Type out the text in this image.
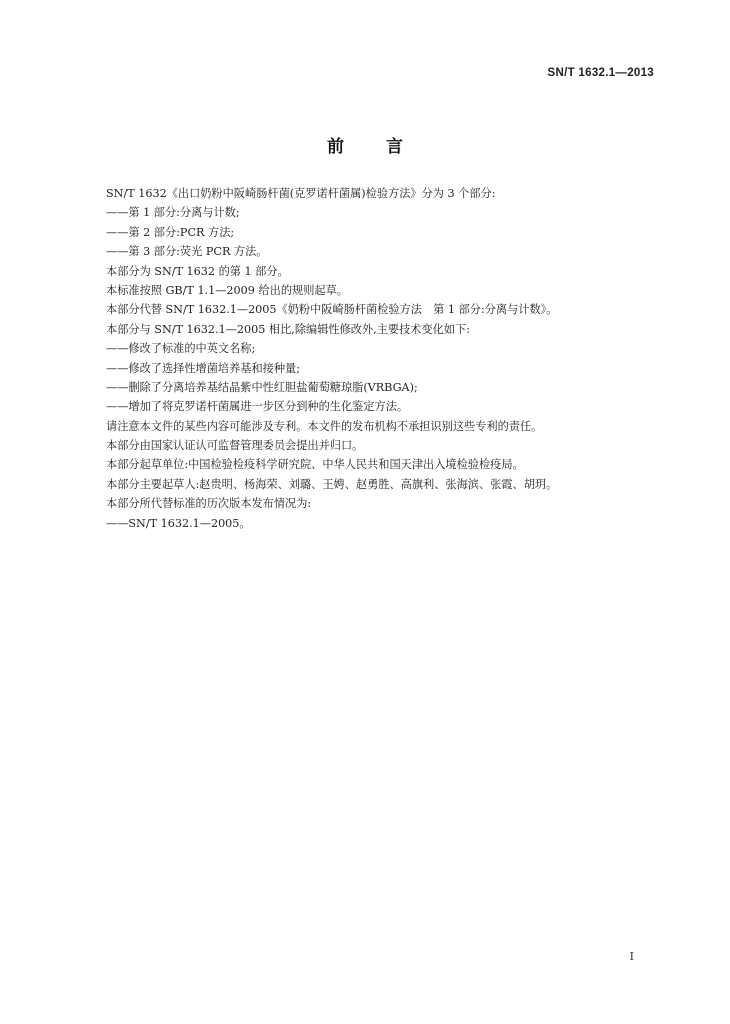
SN/T 1632.1—2013
前 言
SN/T 1632《出口奶粉中阪崎肠杆菌(克罗诺杆菌属)检验方法》分为 3 个部分:
——第 1 部分:分离与计数;
——第 2 部分:PCR 方法;
——第 3 部分:荧光 PCR 方法。
本部分为 SN/T 1632 的第 1 部分。
本标准按照 GB/T 1.1—2009 给出的规则起草。
本部分代替 SN/T 1632.1—2005《奶粉中阪崎肠杆菌检验方法　第 1 部分:分离与计数》。
本部分与 SN/T 1632.1—2005 相比,除编辑性修改外,主要技术变化如下:
——修改了标准的中英文名称;
——修改了选择性增菌培养基和接种量;
——删除了分离培养基结晶紫中性红胆盐葡萄糖琼脂(VRBGA);
——增加了将克罗诺杆菌属进一步区分到种的生化鉴定方法。
请注意本文件的某些内容可能涉及专利。本文件的发布机构不承担识别这些专利的责任。
本部分由国家认证认可监督管理委员会提出并归口。
本部分起草单位:中国检验检疫科学研究院、中华人民共和国天津出入境检验检疫局。
本部分主要起草人:赵贵明、杨海荣、刘璐、王娉、赵勇胜、高旗利、张海滨、张霞、胡玥。
本部分所代替标准的历次版本发布情况为:
——SN/T 1632.1—2005。
I
